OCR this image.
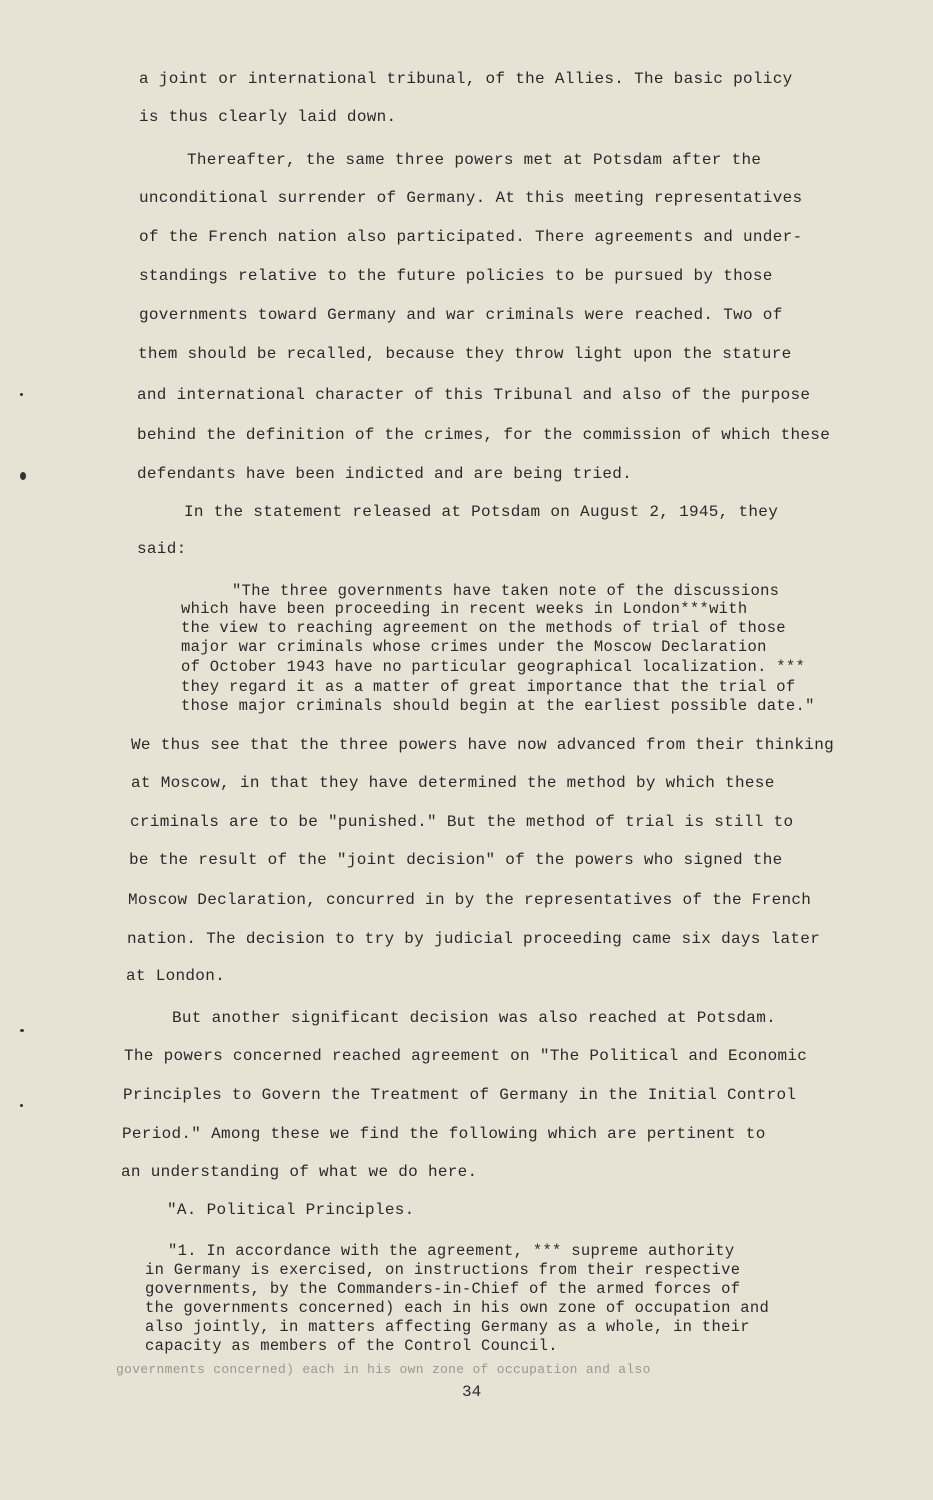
a joint or international tribunal, of the Allies. The basic policy
is thus clearly laid down.
Thereafter, the same three powers met at Potsdam after the
unconditional surrender of Germany. At this meeting representatives
of the French nation also participated. There agreements and under-
standings relative to the future policies to be pursued by those
governments toward Germany and war criminals were reached. Two of
them should be recalled, because they throw light upon the stature
and international character of this Tribunal and also of the purpose
behind the definition of the crimes, for the commission of which these
defendants have been indicted and are being tried.
In the statement released at Potsdam on August 2, 1945, they
said:
"The three governments have taken note of the discussions
which have been proceeding in recent weeks in London***with
the view to reaching agreement on the methods of trial of those
major war criminals whose crimes under the Moscow Declaration
of October 1943 have no particular geographical localization. ***
they regard it as a matter of great importance that the trial of
those major criminals should begin at the earliest possible date."
We thus see that the three powers have now advanced from their thinking
at Moscow, in that they have determined the method by which these
criminals are to be "punished." But the method of trial is still to
be the result of the "joint decision" of the powers who signed the
Moscow Declaration, concurred in by the representatives of the French
nation. The decision to try by judicial proceeding came six days later
at London.
But another significant decision was also reached at Potsdam.
The powers concerned reached agreement on "The Political and Economic
Principles to Govern the Treatment of Germany in the Initial Control
Period." Among these we find the following which are pertinent to
an understanding of what we do here.
"A. Political Principles.
"1. In accordance with the agreement, *** supreme authority
in Germany is exercised, on instructions from their respective
governments, by the Commanders-in-Chief of the armed forces of
the governments concerned) each in his own zone of occupation and
also jointly, in matters affecting Germany as a whole, in their
capacity as members of the Control Council.
governments concerned) each in his own zone of occupation and also
34
